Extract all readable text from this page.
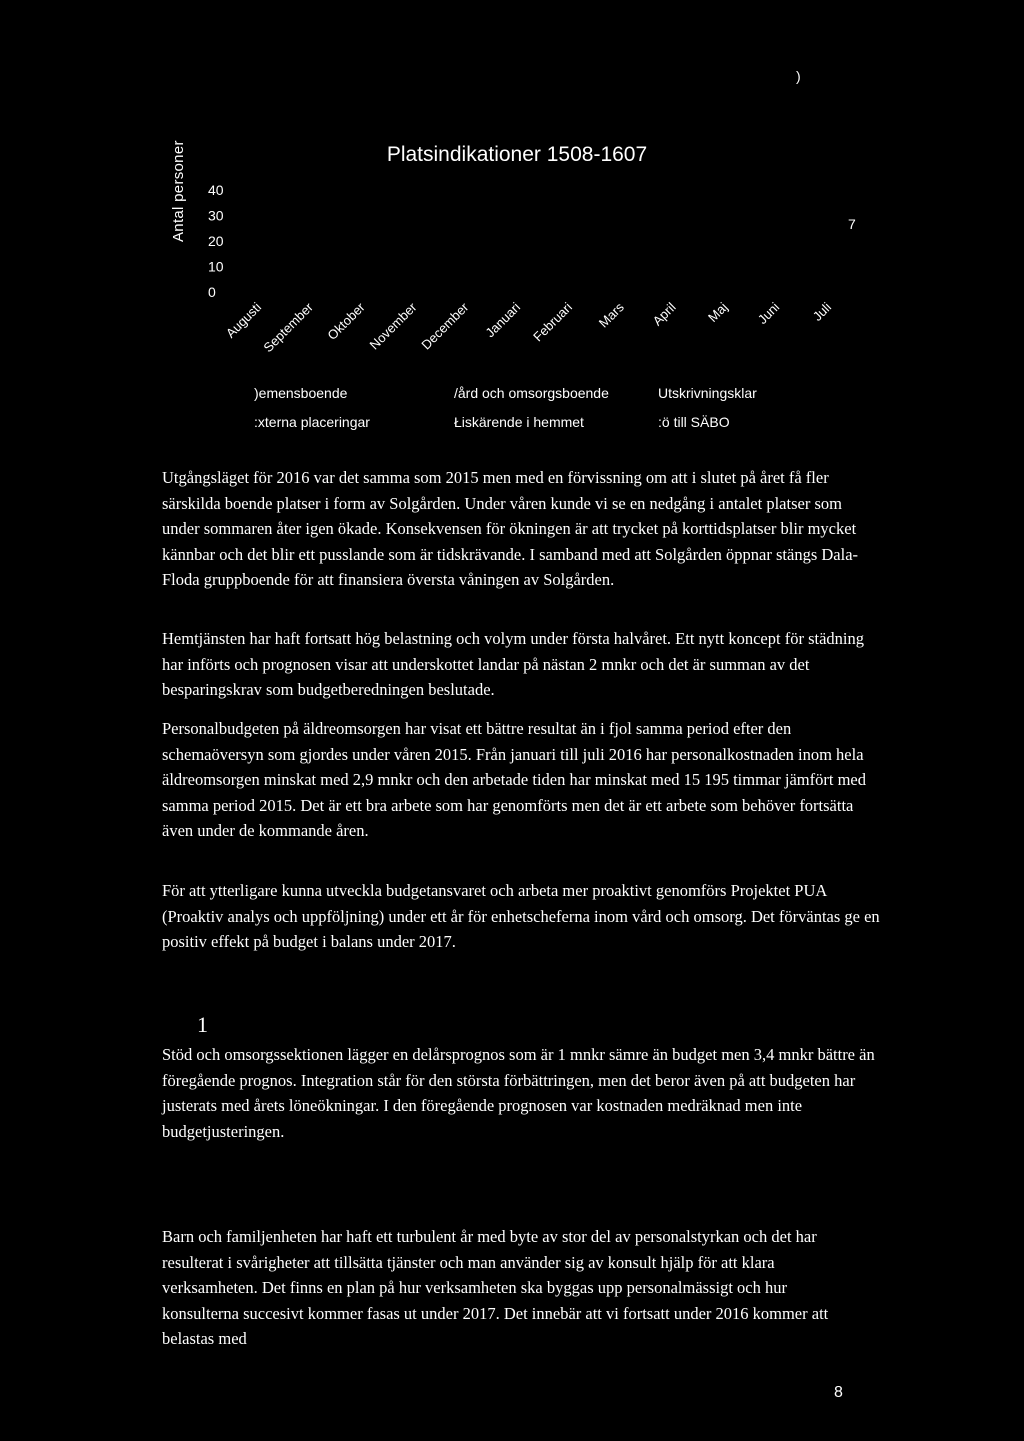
)
Platsindikationer 1508-1607
Antal personer 40
30
20
10
0
Augusti
September Oktober
November
December Januari Februari Mars April Maj Juni Juli
7
)emensboende	/ård och omsorgsboende	Utskrivningsklar
:xterna placeringar	Łiskärende i hemmet	:ö till SÄBO

Utgångsläget för 2016 var det samma som 2015 men med en förvissning om att i slutet på året få fler särskilda boende platser i form av Solgården. Under våren kunde vi se en nedgång i antalet platser som under sommaren åter igen ökade. Konsekvensen för ökningen är att trycket på korttidsplatser blir mycket kännbar och det blir ett pusslande som är tidskrävande. I samband med att Solgården öppnar stängs Dala-Floda gruppboende för att finansiera översta våningen av Solgården.

Hemtjänsten har haft fortsatt hög belastning och volym under första halvåret. Ett nytt koncept för städning har införts och prognosen visar att underskottet landar på nästan 2 mnkr och det är summan av det besparingskrav som budgetberedningen beslutade.

Personalbudgeten på äldreomsorgen har visat ett bättre resultat än i fjol samma period efter den schemaöversyn som gjordes under våren 2015. Från januari till juli 2016 har personalkostnaden inom hela äldreomsorgen minskat med 2,9 mnkr och den arbetade tiden har minskat med 15 195 timmar jämfört med samma period 2015. Det är ett bra arbete som har genomförts men det är ett arbete som behöver fortsätta även under de kommande åren.

För att ytterligare kunna utveckla budgetansvaret och arbeta mer proaktivt genomförs Projektet PUA (Proaktiv analys och uppföljning) under ett år för enhetscheferna inom vård och omsorg. Det förväntas ge en positiv effekt på budget i balans under 2017.

1

Stöd och omsorgssektionen lägger en delårsprognos som är 1 mnkr sämre än budget men 3,4 mnkr bättre än föregående prognos. Integration står för den största förbättringen, men det beror även på att budgeten har justerats med årets löneökningar. I den föregående prognosen var kostnaden medräknad men inte budgetjusteringen.

Barn och familjenheten har haft ett turbulent år med byte av stor del av personalstyrkan och det har resulterat i svårigheter att tillsätta tjänster och man använder sig av konsult hjälp för att klara verksamheten. Det finns en plan på hur verksamheten ska byggas upp personalmässigt och hur konsulterna succesivt kommer fasas ut under 2017. Det innebär att vi fortsatt under 2016 kommer att belastas med

8
